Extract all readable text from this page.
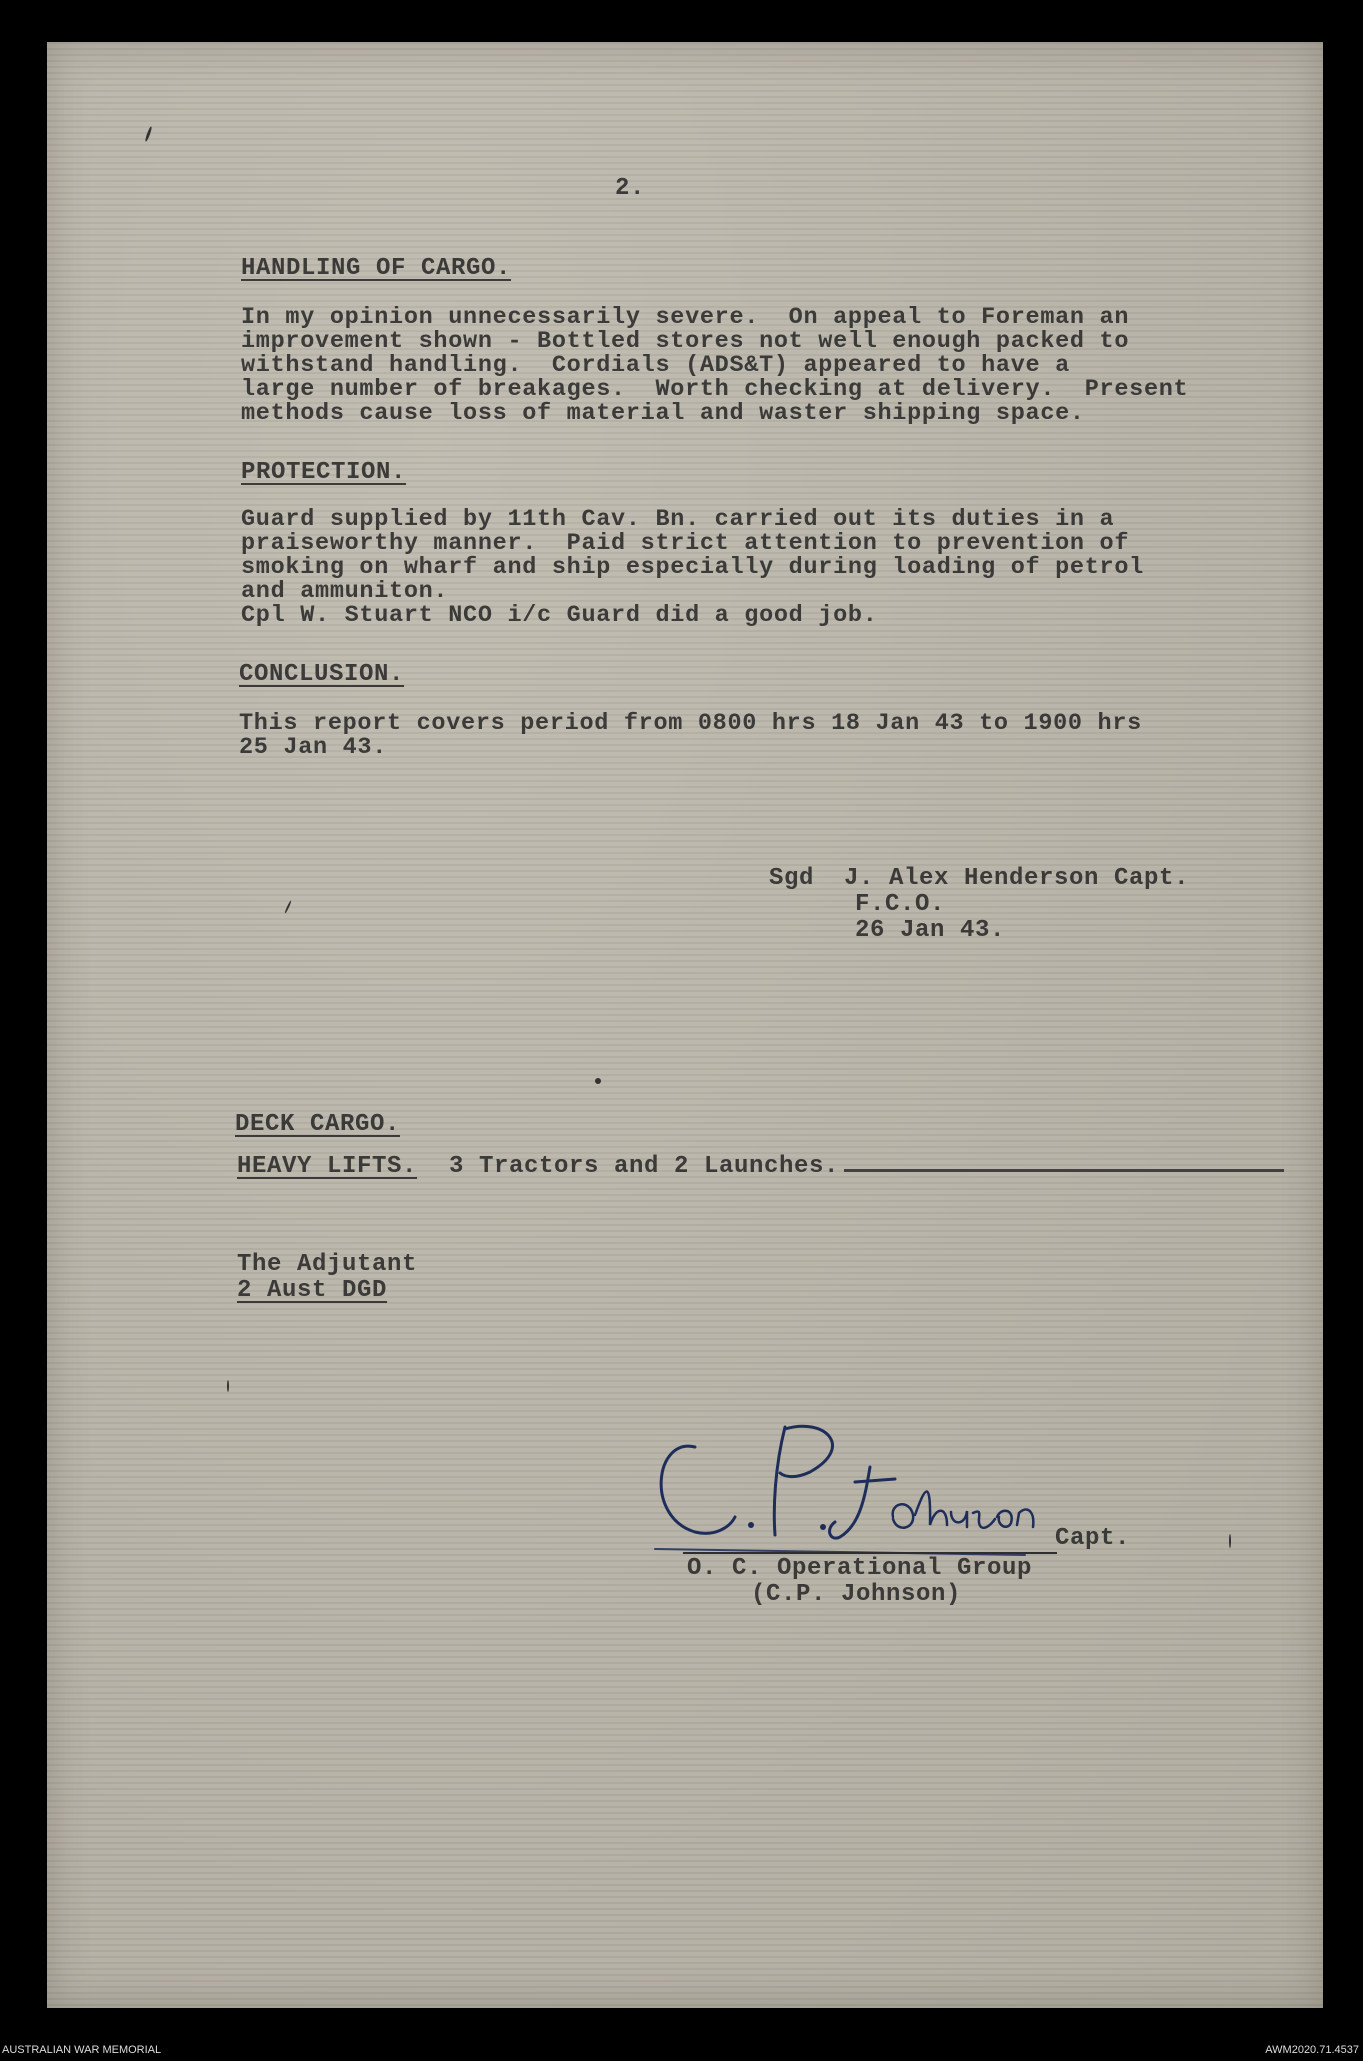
2.
HANDLING OF CARGO.
In my opinion unnecessarily severe.  On appeal to Foreman an
improvement shown - Bottled stores not well enough packed to
withstand handling.  Cordials (ADS&T) appeared to have a
large number of breakages.  Worth checking at delivery.  Present
methods cause loss of material and waster shipping space.
PROTECTION.
Guard supplied by 11th Cav. Bn. carried out its duties in a
praiseworthy manner.  Paid strict attention to prevention of
smoking on wharf and ship especially during loading of petrol
and ammuniton.
Cpl W. Stuart NCO i/c Guard did a good job.
CONCLUSION.
This report covers period from 0800 hrs 18 Jan 43 to 1900 hrs
25 Jan 43.
Sgd  J. Alex Henderson Capt.
F.C.O.
26 Jan 43.
DECK CARGO.
HEAVY LIFTS. 3 Tractors and 2 Launches.
The Adjutant
2 Aust DGD
Capt.
O. C. Operational Group
(C.P. Johnson)
AUSTRALIAN WAR MEMORIAL	AWM2020.71.4537
